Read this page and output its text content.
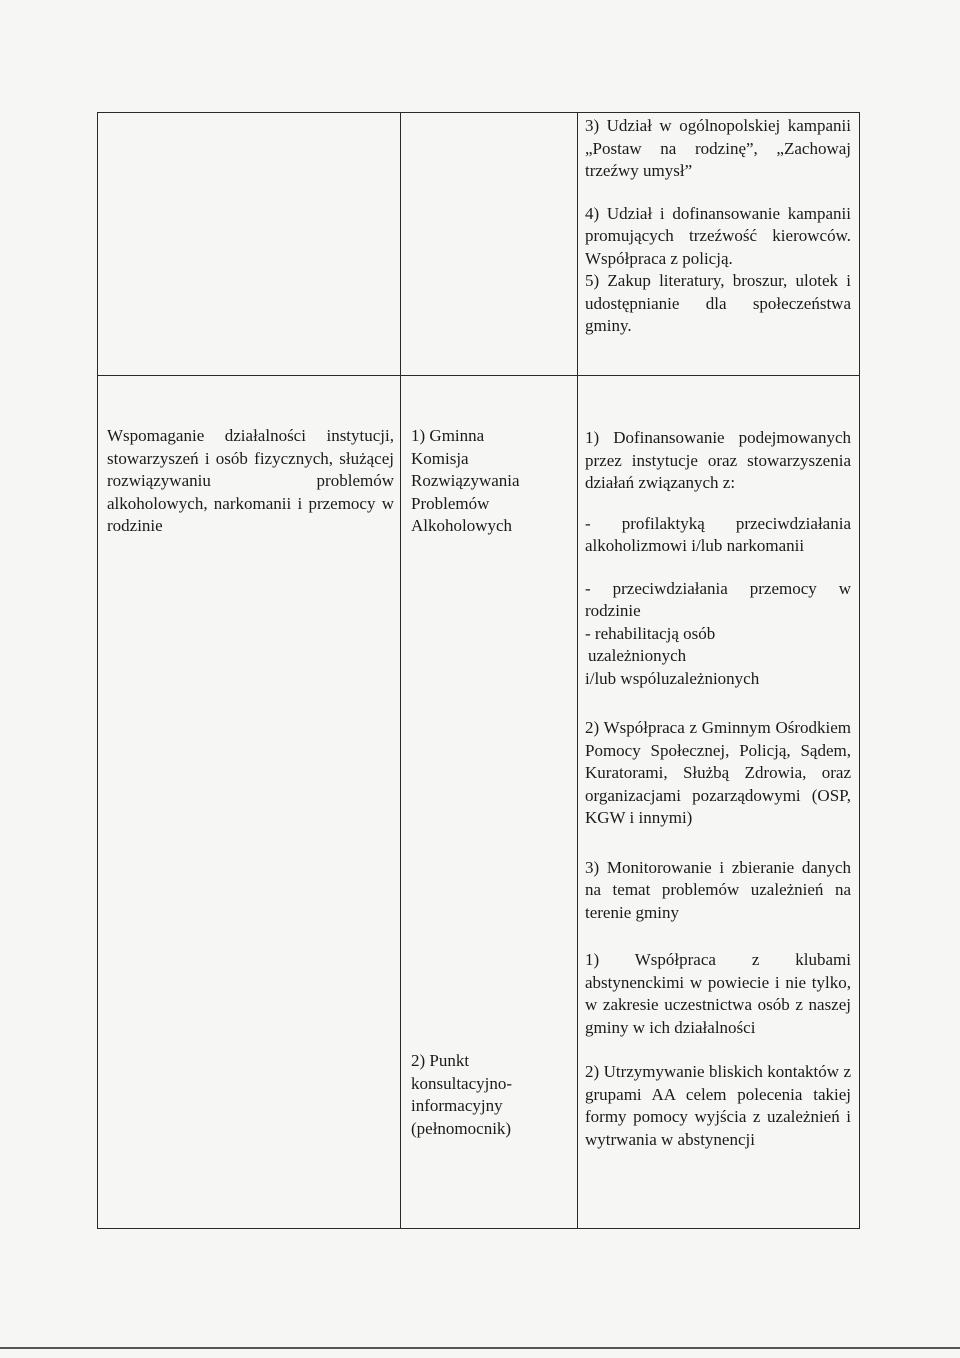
3) Udział w ogólnopolskiej kampanii „Postaw na rodzinę”, „Zachowaj trzeźwy umysł”

4) Udział i dofinansowanie kampanii promujących trzeźwość kierowców. Współpraca z policją.

5) Zakup literatury, broszur, ulotek i udostępnianie dla społeczeństwa gminy.

Wspomaganie działalności instytucji, stowarzyszeń i osób fizycznych, służącej rozwiązywaniu problemów alkoholowych, narkomanii i przemocy w rodzinie

1) Gminna Komisja Rozwiązywania Problemów Alkoholowych

2) Punkt konsultacyjno-informacyjny (pełnomocnik)

1) Dofinansowanie podejmowanych przez instytucje oraz stowarzyszenia działań związanych z:

- profilaktyką przeciwdziałania alkoholizmowi i/lub narkomanii

- przeciwdziałania przemocy w rodzinie

- rehabilitacją osób

uzależnionych

i/lub wspóluzależnionych

2) Współpraca z Gminnym Ośrodkiem Pomocy Społecznej, Policją, Sądem, Kuratorami, Służbą Zdrowia, oraz organizacjami pozarządowymi (OSP, KGW i innymi)

3) Monitorowanie i zbieranie danych na temat problemów uzależnień na terenie gminy

1) Współpraca z klubami abstynenckimi w powiecie i nie tylko, w zakresie uczestnictwa osób z naszej gminy w ich działalności

2) Utrzymywanie bliskich kontaktów z grupami AA celem polecenia takiej formy pomocy wyjścia z uzależnień i wytrwania w abstynencji
